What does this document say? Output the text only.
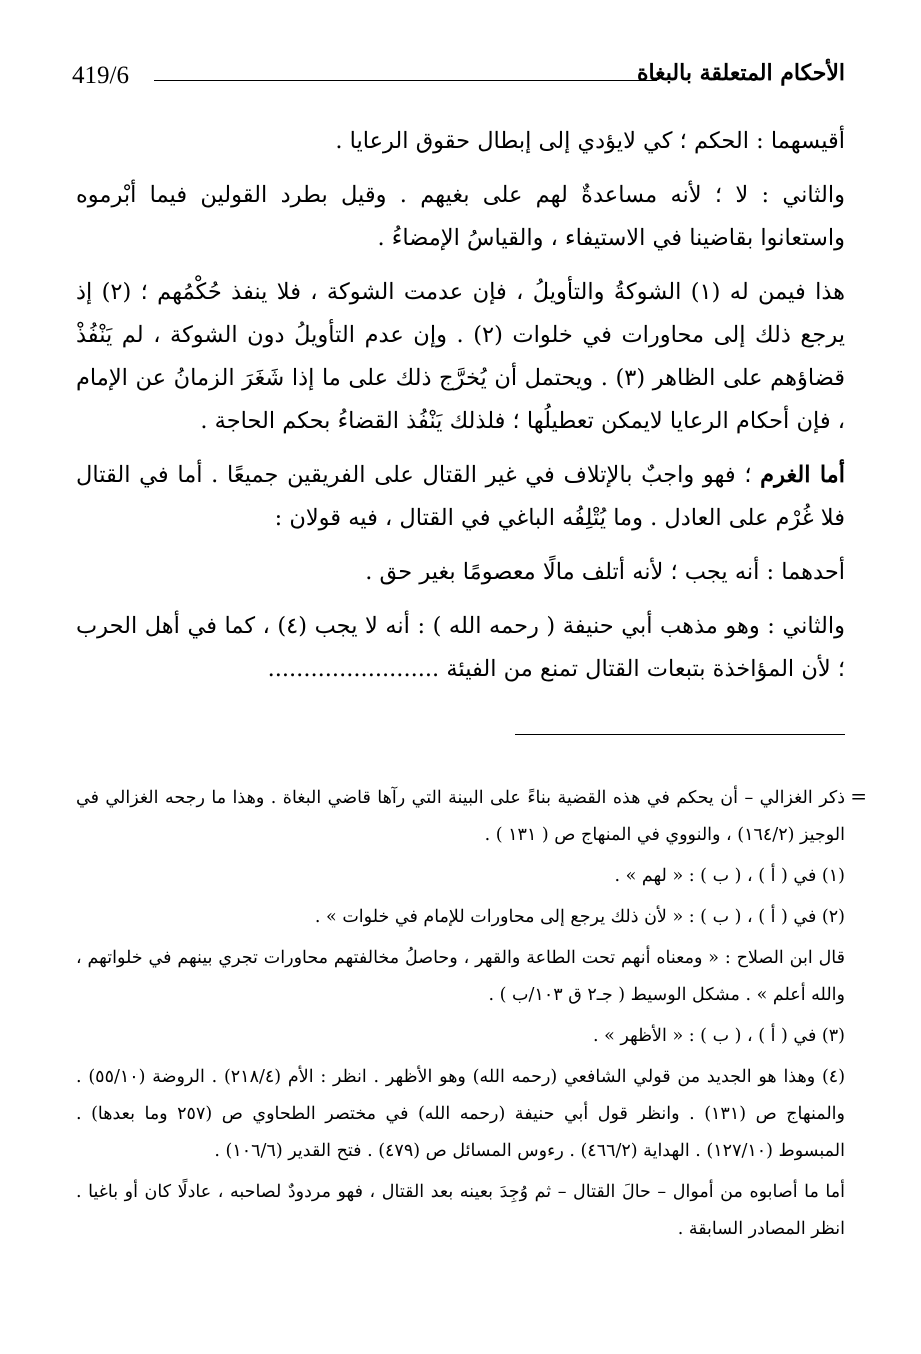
419/6	الأحكام المتعلقة بالبغاة

أقيسهما : الحكم ؛ كي لايؤدي إلى إبطال حقوق الرعايا .

والثاني : لا ؛ لأنه مساعدةٌ لهم على بغيهم . وقيل بطرد القولين فيما أبْرموه واستعانوا بقاضينا في الاستيفاء ، والقياسُ الإمضاءُ .

هذا فيمن له (١) الشوكةُ والتأويلُ ، فإن عدمت الشوكة ، فلا ينفذ حُكْمُهم ؛ (٢) إذ يرجع ذلك إلى محاورات في خلوات (٢) . وإن عدم التأويلُ دون الشوكة ، لم يَنْفُذْ قضاؤهم على الظاهر (٣) . ويحتمل أن يُخرَّج ذلك على ما إذا شَغَرَ الزمانُ عن الإمام ، فإن أحكام الرعايا لايمكن تعطيلُها ؛ فلذلك يَنْفُذ القضاءُ بحكم الحاجة .

أما الغرم ؛ فهو واجبٌ بالإتلاف في غير القتال على الفريقين جميعًا . أما في القتال فلا غُرْم على العادل . وما يُتْلِفُه الباغي في القتال ، فيه قولان :

أحدهما : أنه يجب ؛ لأنه أتلف مالًا معصومًا بغير حق .

والثاني : وهو مذهب أبي حنيفة ( رحمه الله ) : أنه لا يجب (٤) ، كما في أهل الحرب ؛ لأن المؤاخذة بتبعات القتال تمنع من الفيئة ........................

=
ذكر الغزالي – أن يحكم في هذه القضية بناءً على البينة التي رآها قاضي البغاة . وهذا ما رجحه الغزالي في الوجيز (١٦٤/٢) ، والنووي في المنهاج ص ( ١٣١ ) .

(١) في ( أ ) ، ( ب ) : « لهم » .

(٢) في ( أ ) ، ( ب ) : « لأن ذلك يرجع إلى محاورات للإمام في خلوات » .

قال ابن الصلاح : « ومعناه أنهم تحت الطاعة والقهر ، وحاصلُ مخالفتهم محاورات تجري بينهم في خلواتهم ، والله أعلم » . مشكل الوسيط ( جـ٢ ق ١٠٣/ب ) .

(٣) في ( أ ) ، ( ب ) : « الأظهر » .

(٤) وهذا هو الجديد من قولي الشافعي (رحمه الله) وهو الأظهر . انظر : الأم (٢١٨/٤) . الروضة (٥٥/١٠) . والمنهاج ص (١٣١) . وانظر قول أبي حنيفة (رحمه الله) في مختصر الطحاوي ص (٢٥٧ وما بعدها) . المبسوط (١٢٧/١٠) . الهداية (٤٦٦/٢) . رءوس المسائل ص (٤٧٩) . فتح القدير (١٠٦/٦) .

أما ما أصابوه من أموال – حالَ القتال – ثم وُجِدَ بعينه بعد القتال ، فهو مردودٌ لصاحبه ، عادلًا كان أو باغيا . انظر المصادر السابقة .
